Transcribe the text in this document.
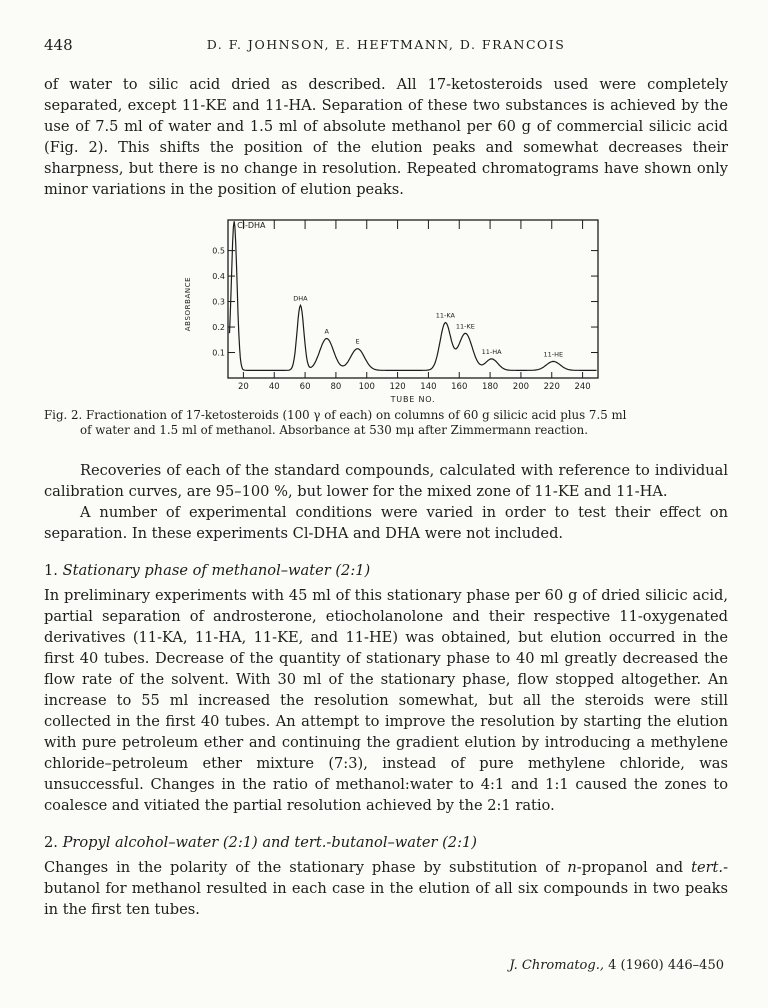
448	D. F. JOHNSON, E. HEFTMANN, D. FRANCOIS

of water to silic acid dried as described. All 17-ketosteroids used were completely separated, except 11-KE and 11-HA. Separation of these two substances is achieved by the use of 7.5 ml of water and 1.5 ml of absolute methanol per 60 g of commercial silicic acid (Fig. 2). This shifts the position of the elution peaks and somewhat decreases their sharpness, but there is no change in resolution. Repeated chromatograms have shown only minor variations in the position of elution peaks.

20 40 60 80 100 120 140 160 180 200 220 240
0.1
0.2
0.3
0.4
0.5
TUBE NO.
ABSORBANCE
Cl-DHA
DHA
A
E
11-KA
11-KE
11-HA	11-HE

Fig. 2. Fractionation of 17-ketosteroids (100 γ of each) on columns of 60 g silicic acid plus 7.5 ml
of water and 1.5 ml of methanol. Absorbance at 530 mμ after Zimmermann reaction.

Recoveries of each of the standard compounds, calculated with reference to individual calibration curves, are 95–100 %, but lower for the mixed zone of 11-KE and 11-HA.

A number of experimental conditions were varied in order to test their effect on separation. In these experiments Cl-DHA and DHA were not included.

1. Stationary phase of methanol–water (2:1)

In preliminary experiments with 45 ml of this stationary phase per 60 g of dried silicic acid, partial separation of androsterone, etiocholanolone and their respective 11-oxygenated derivatives (11-KA, 11-HA, 11-KE, and 11-HE) was obtained, but elution occurred in the first 40 tubes. Decrease of the quantity of stationary phase to 40 ml greatly decreased the flow rate of the solvent. With 30 ml of the stationary phase, flow stopped altogether. An increase to 55 ml increased the resolution somewhat, but all the steroids were still collected in the first 40 tubes. An attempt to improve the resolution by starting the elution with pure petroleum ether and continuing the gradient elution by introducing a methylene chloride–petroleum ether mixture (7:3), instead of pure methylene chloride, was unsuccessful. Changes in the ratio of methanol:water to 4:1 and 1:1 caused the zones to coalesce and vitiated the partial resolution achieved by the 2:1 ratio.

2. Propyl alcohol–water (2:1) and tert.-butanol–water (2:1)

Changes in the polarity of the stationary phase by substitution of n-propanol and tert.-butanol for methanol resulted in each case in the elution of all six compounds in two peaks in the first ten tubes.

J. Chromatog., 4 (1960) 446–450
